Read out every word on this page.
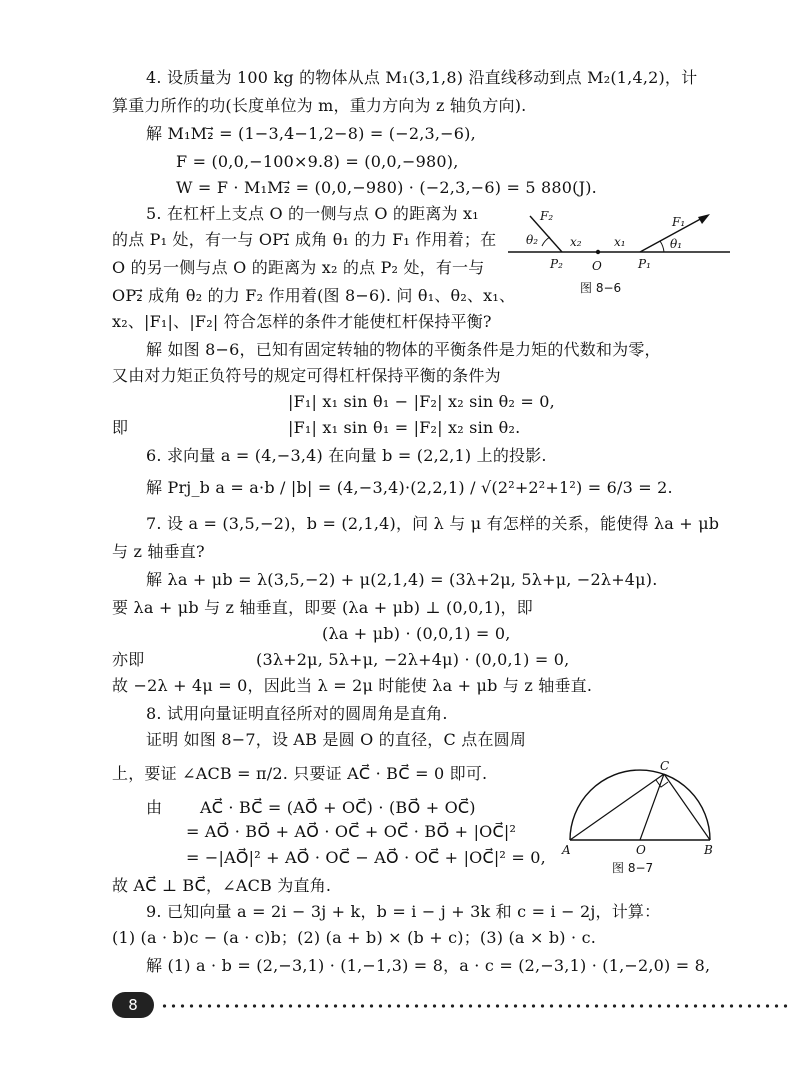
4. 设质量为 100 kg 的物体从点 M₁(3,1,8) 沿直线移动到点 M₂(1,4,2)，计
算重力所作的功(长度单位为 m，重力方向为 z 轴负方向).
解 M₁M₂⃗ = (1−3,4−1,2−8) = (−2,3,−6),
F = (0,0,−100×9.8) = (0,0,−980),
W = F · M₁M₂⃗ = (0,0,−980) · (−2,3,−6) = 5 880(J).
5. 在杠杆上支点 O 的一侧与点 O 的距离为 x₁
的点 P₁ 处，有一与 OP₁⃗ 成角 θ₁ 的力 F₁ 作用着；在
O 的另一侧与点 O 的距离为 x₂ 的点 P₂ 处，有一与
OP₂⃗ 成角 θ₂ 的力 F₂ 作用着(图 8−6). 问 θ₁、θ₂、x₁、
x₂、|F₁|、|F₂| 符合怎样的条件才能使杠杆保持平衡?
解 如图 8−6，已知有固定转轴的物体的平衡条件是力矩的代数和为零，
又由对力矩正负符号的规定可得杠杆保持平衡的条件为
|F₁| x₁ sin θ₁ − |F₂| x₂ sin θ₂ = 0,
即	|F₁| x₁ sin θ₁ = |F₂| x₂ sin θ₂.
6. 求向量 a = (4,−3,4) 在向量 b = (2,2,1) 上的投影.
解 Prj_b a = a·b / |b| = (4,−3,4)·(2,2,1) / √(2²+2²+1²) = 6/3 = 2.
7. 设 a = (3,5,−2)，b = (2,1,4)，问 λ 与 μ 有怎样的关系，能使得 λa + μb
与 z 轴垂直?
解 λa + μb = λ(3,5,−2) + μ(2,1,4) = (3λ+2μ, 5λ+μ, −2λ+4μ).
要 λa + μb 与 z 轴垂直，即要 (λa + μb) ⊥ (0,0,1)，即
(λa + μb) · (0,0,1) = 0,
亦即	(3λ+2μ, 5λ+μ, −2λ+4μ) · (0,0,1) = 0,
故 −2λ + 4μ = 0，因此当 λ = 2μ 时能使 λa + μb 与 z 轴垂直.
8. 试用向量证明直径所对的圆周角是直角.
证明 如图 8−7，设 AB 是圆 O 的直径，C 点在圆周
上，要证 ∠ACB = π/2. 只要证 AC⃗ · BC⃗ = 0 即可.
由 AC⃗ · BC⃗ = (AO⃗ + OC⃗) · (BO⃗ + OC⃗)
= AO⃗ · BO⃗ + AO⃗ · OC⃗ + OC⃗ · BO⃗ + |OC⃗|²
= −|AO⃗|² + AO⃗ · OC⃗ − AO⃗ · OC⃗ + |OC⃗|² = 0,
故 AC⃗ ⊥ BC⃗，∠ACB 为直角.
9. 已知向量 a = 2i − 3j + k，b = i − j + 3k 和 c = i − 2j，计算：
(1) (a · b)c − (a · c)b；(2) (a + b) × (b + c)；(3) (a × b) · c.
解 (1) a · b = (2,−3,1) · (1,−1,3) = 8，a · c = (2,−3,1) · (1,−2,0) = 8,
F₂
θ₂	x₂	x₁
F₁
θ₁
P₂ O	P₁
图 8−6
A	O	B
C
图 8−7
8
